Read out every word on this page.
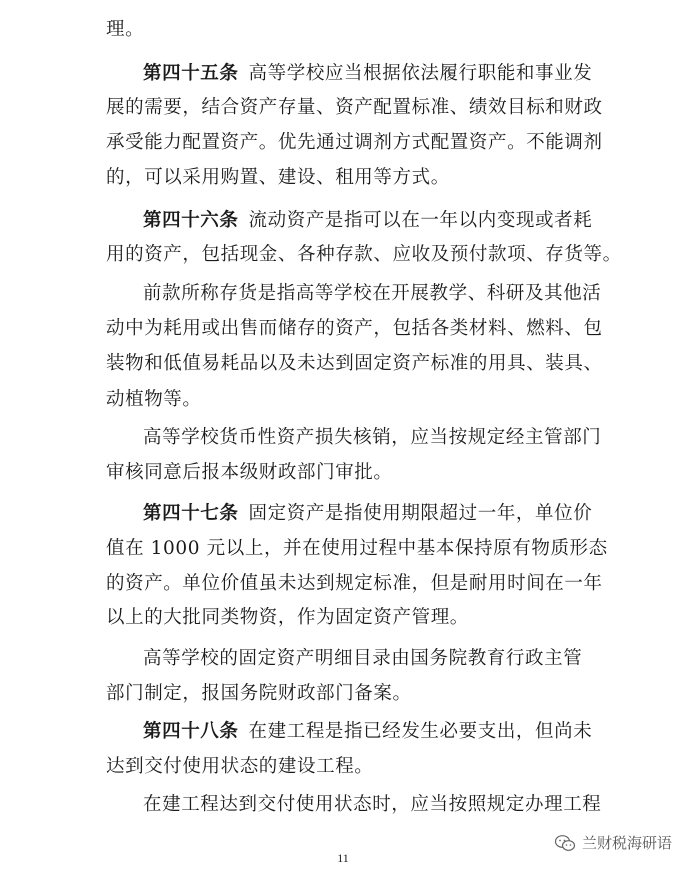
理。
第四十五条 高等学校应当根据依法履行职能和事业发
展的需要，结合资产存量、资产配置标准、绩效目标和财政
承受能力配置资产。优先通过调剂方式配置资产。不能调剂
的，可以采用购置、建设、租用等方式。
第四十六条 流动资产是指可以在一年以内变现或者耗
用的资产，包括现金、各种存款、应收及预付款项、存货等。
前款所称存货是指高等学校在开展教学、科研及其他活
动中为耗用或出售而储存的资产，包括各类材料、燃料、包
装物和低值易耗品以及未达到固定资产标准的用具、装具、
动植物等。
高等学校货币性资产损失核销，应当按规定经主管部门
审核同意后报本级财政部门审批。
第四十七条 固定资产是指使用期限超过一年，单位价
值在 1000 元以上，并在使用过程中基本保持原有物质形态
的资产。单位价值虽未达到规定标准，但是耐用时间在一年
以上的大批同类物资，作为固定资产管理。
高等学校的固定资产明细目录由国务院教育行政主管
部门制定，报国务院财政部门备案。
第四十八条 在建工程是指已经发生必要支出，但尚未
达到交付使用状态的建设工程。
在建工程达到交付使用状态时，应当按照规定办理工程
11
兰财税海研语
